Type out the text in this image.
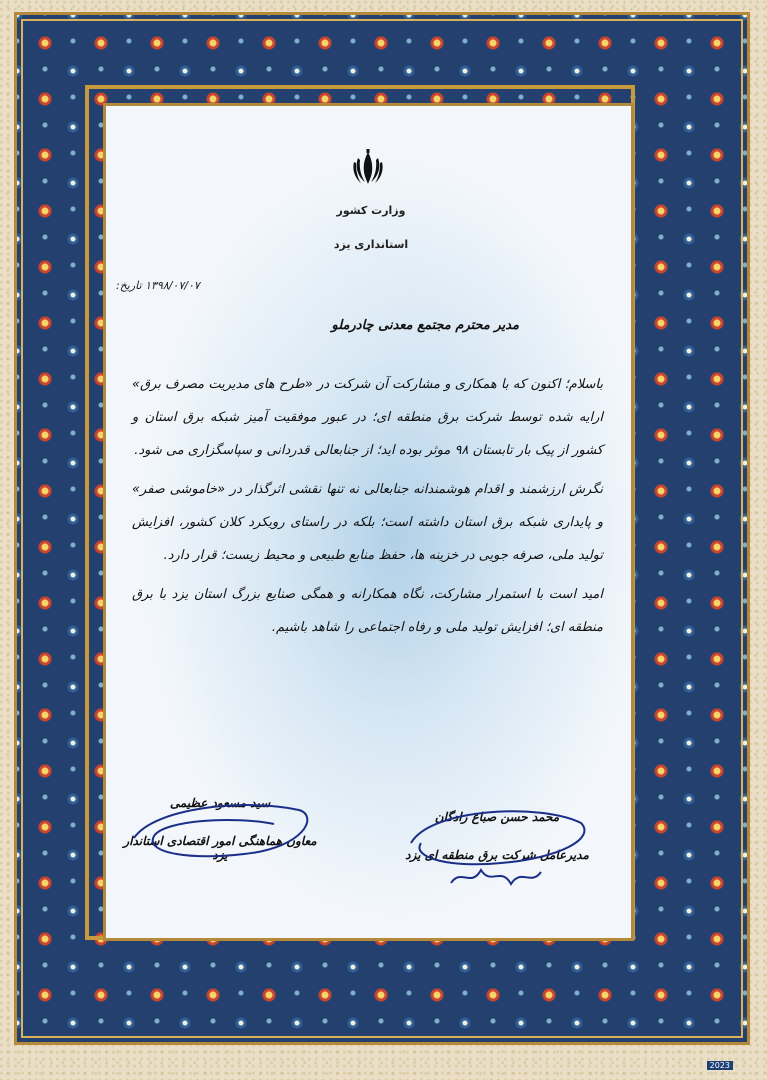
وزارت کشور
استانداری یزد
۱۳۹۸/۰۷/۰۷ تاریخ:
مدیر محترم مجتمع معدنی چادرملو

باسلام؛ اکنون که با همکاری و مشارکت آن شرکت در «طرح های مدیریت مصرف برق» ارایه شده توسط شرکت برق منطقه ای؛ در عبور موفقیت آمیز شبکه برق استان و کشور از پیک بار تابستان ۹۸ موثر بوده اید؛ از جنابعالی قدردانی و سپاسگزاری می شود.

نگرش ارزشمند و اقدام هوشمندانه جنابعالی نه تنها نقشی اثرگذار در «خاموشی صفر» و پایداری شبکه برق استان داشته است؛ بلکه در راستای رویکرد کلان کشور، افزایش تولید ملی، صرفه جویی در خزینه ها، حفظ منابع طبیعی و محیط زیست؛ قرار دارد.

امید است با استمرار مشارکت، نگاه همکارانه و همگی صنایع بزرگ استان یزد با برق منطقه ای؛ افزایش تولید ملی و رفاه اجتماعی را شاهد باشیم.

محمد حسن صباغ زادگان
مدیرعامل شرکت برق منطقه ای یزد
سید مسعود عظیمی
معاون هماهنگی امور اقتصادی استاندار یزد
2023
